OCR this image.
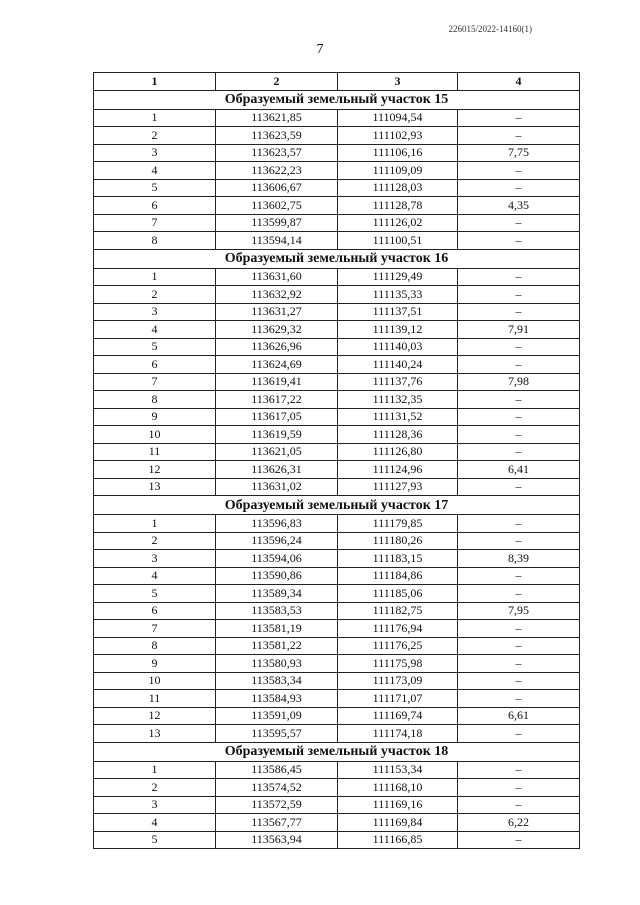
226015/2022-14160(1)
7
1	2	3	4
Образуемый земельный участок 15			
1	113621,85	111094,54	–
2	113623,59	111102,93	–
3	113623,57	111106,16	7,75
4	113622,23	111109,09	–
5	113606,67	111128,03	–
6	113602,75	111128,78	4,35
7	113599,87	111126,02	–
8	113594,14	111100,51	–
Образуемый земельный участок 16			
1	113631,60	111129,49	–
2	113632,92	111135,33	–
3	113631,27	111137,51	–
4	113629,32	111139,12	7,91
5	113626,96	111140,03	–
6	113624,69	111140,24	–
7	113619,41	111137,76	7,98
8	113617,22	111132,35	–
9	113617,05	111131,52	–
10	113619,59	111128,36	–
11	113621,05	111126,80	–
12	113626,31	111124,96	6,41
13	113631,02	111127,93	–
Образуемый земельный участок 17			
1	113596,83	111179,85	–
2	113596,24	111180,26	–
3	113594,06	111183,15	8,39
4	113590,86	111184,86	–
5	113589,34	111185,06	–
6	113583,53	111182,75	7,95
7	113581,19	111176,94	–
8	113581,22	111176,25	–
9	113580,93	111175,98	–
10	113583,34	111173,09	–
11	113584,93	111171,07	–
12	113591,09	111169,74	6,61
13	113595,57	111174,18	–
Образуемый земельный участок 18			
1	113586,45	111153,34	–
2	113574,52	111168,10	–
3	113572,59	111169,16	–
4	113567,77	111169,84	6,22
5	113563,94	111166,85	–
